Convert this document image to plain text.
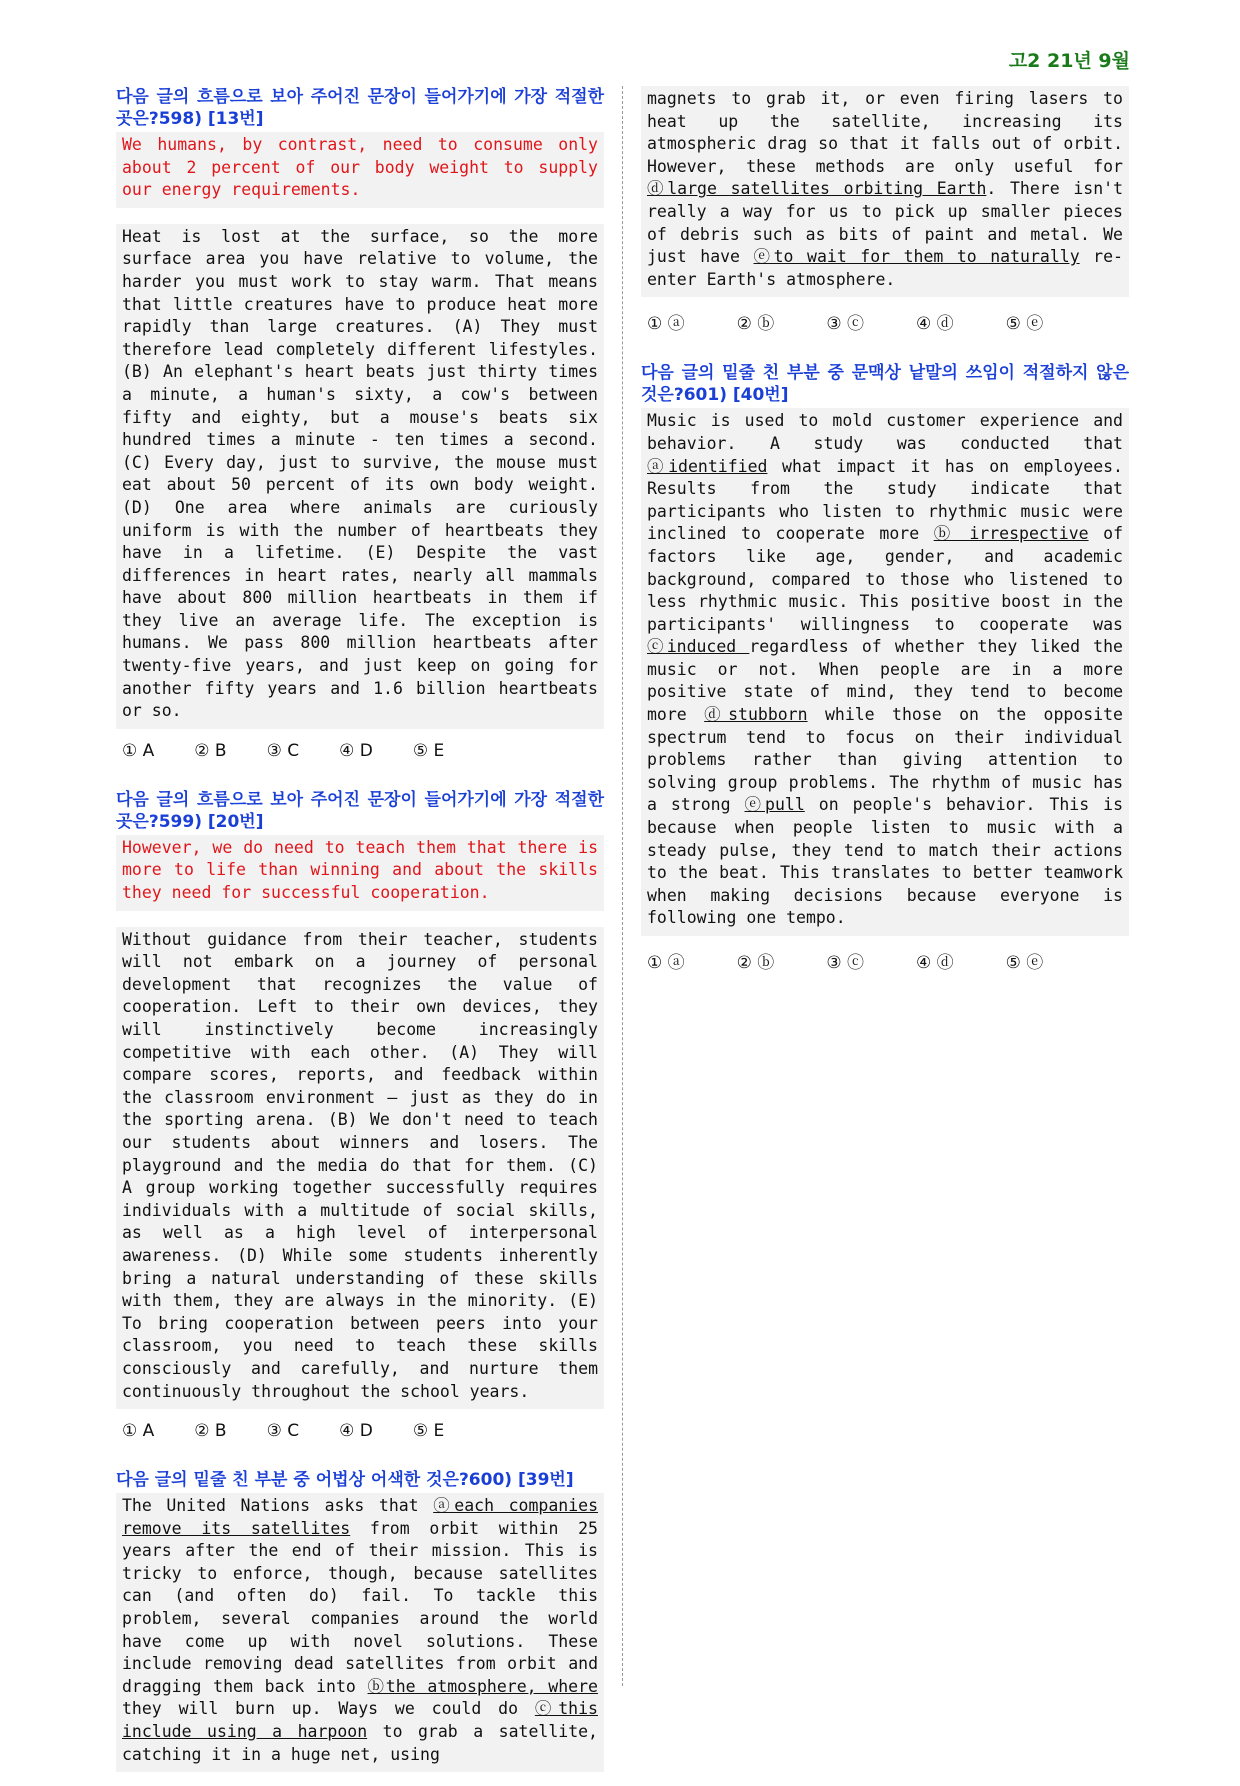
고2 21년 9월
다음 글의 흐름으로 보아 주어진 문장이 들어가기에 가장 적절한 곳은?598) [13번]
We humans, by contrast, need to consume only about 2 percent of our body weight to supply our energy requirements.
Heat is lost at the surface, so the more surface area you have relative to volume, the harder you must work to stay warm. That means that little creatures have to produce heat more rapidly than large creatures. (A) They must therefore lead completely different lifestyles. (B) An elephant's heart beats just thirty times a minute, a human's sixty, a cow's between fifty and eighty, but a mouse's beats six hundred times a minute - ten times a second. (C) Every day, just to survive, the mouse must eat about 50 percent of its own body weight. (D) One area where animals are curiously uniform is with the number of heartbeats they have in a lifetime. (E) Despite the vast differences in heart rates, nearly all mammals have about 800 million heartbeats in them if they live an average life. The exception is humans. We pass 800 million heartbeats after twenty-five years, and just keep on going for another fifty years and 1.6 billion heartbeats or so.
① A ② B ③ C ④ D ⑤ E
다음 글의 흐름으로 보아 주어진 문장이 들어가기에 가장 적절한 곳은?599) [20번]
However, we do need to teach them that there is more to life than winning and about the skills they need for successful cooperation.
Without guidance from their teacher, students will not embark on a journey of personal development that recognizes the value of cooperation. Left to their own devices, they will instinctively become increasingly competitive with each other. (A) They will compare scores, reports, and feedback within the classroom environment — just as they do in the sporting arena. (B) We don't need to teach our students about winners and losers. The playground and the media do that for them. (C) A group working together successfully requires individuals with a multitude of social skills, as well as a high level of interpersonal awareness. (D) While some students inherently bring a natural understanding of these skills with them, they are always in the minority. (E) To bring cooperation between peers into your classroom, you need to teach these skills consciously and carefully, and nurture them continuously throughout the school years.
① A ② B ③ C ④ D ⑤ E
다음 글의 밑줄 친 부분 중 어법상 어색한 것은?600) [39번]
The United Nations asks that ⓐeach companies remove its satellites from orbit within 25 years after the end of their mission. This is tricky to enforce, though, because satellites can (and often do) fail. To tackle this problem, several companies around the world have come up with novel solutions. These include removing dead satellites from orbit and dragging them back into ⓑthe atmosphere, where they will burn up. Ways we could do ⓒthis include using a harpoon to grab a satellite, catching it in a huge net, using
magnets to grab it, or even firing lasers to heat up the satellite, increasing its atmospheric drag so that it falls out of orbit. However, these methods are only useful for ⓓlarge satellites orbiting Earth. There isn't really a way for us to pick up smaller pieces of debris such as bits of paint and metal. We just have ⓔto wait for them to naturally re-enter Earth's atmosphere.
① ⓐ	② ⓑ	③ ⓒ	④ ⓓ	⑤ ⓔ
다음 글의 밑줄 친 부분 중 문맥상 낱말의 쓰임이 적절하지 않은 것은?601) [40번]
Music is used to mold customer experience and behavior. A study was conducted that ⓐidentified what impact it has on employees. Results from the study indicate that participants who listen to rhythmic music were inclined to cooperate more ⓑ irrespective of factors like age, gender, and academic background, compared to those who listened to less rhythmic music. This positive boost in the participants' willingness to cooperate was ⓒinduced regardless of whether they liked the music or not. When people are in a more positive state of mind, they tend to become more ⓓstubborn while those on the opposite spectrum tend to focus on their individual problems rather than giving attention to solving group problems. The rhythm of music has a strong ⓔpull on people's behavior. This is because when people listen to music with a steady pulse, they tend to match their actions to the beat. This translates to better teamwork when making decisions because everyone is following one tempo.
① ⓐ	② ⓑ	③ ⓒ	④ ⓓ	⑤ ⓔ
